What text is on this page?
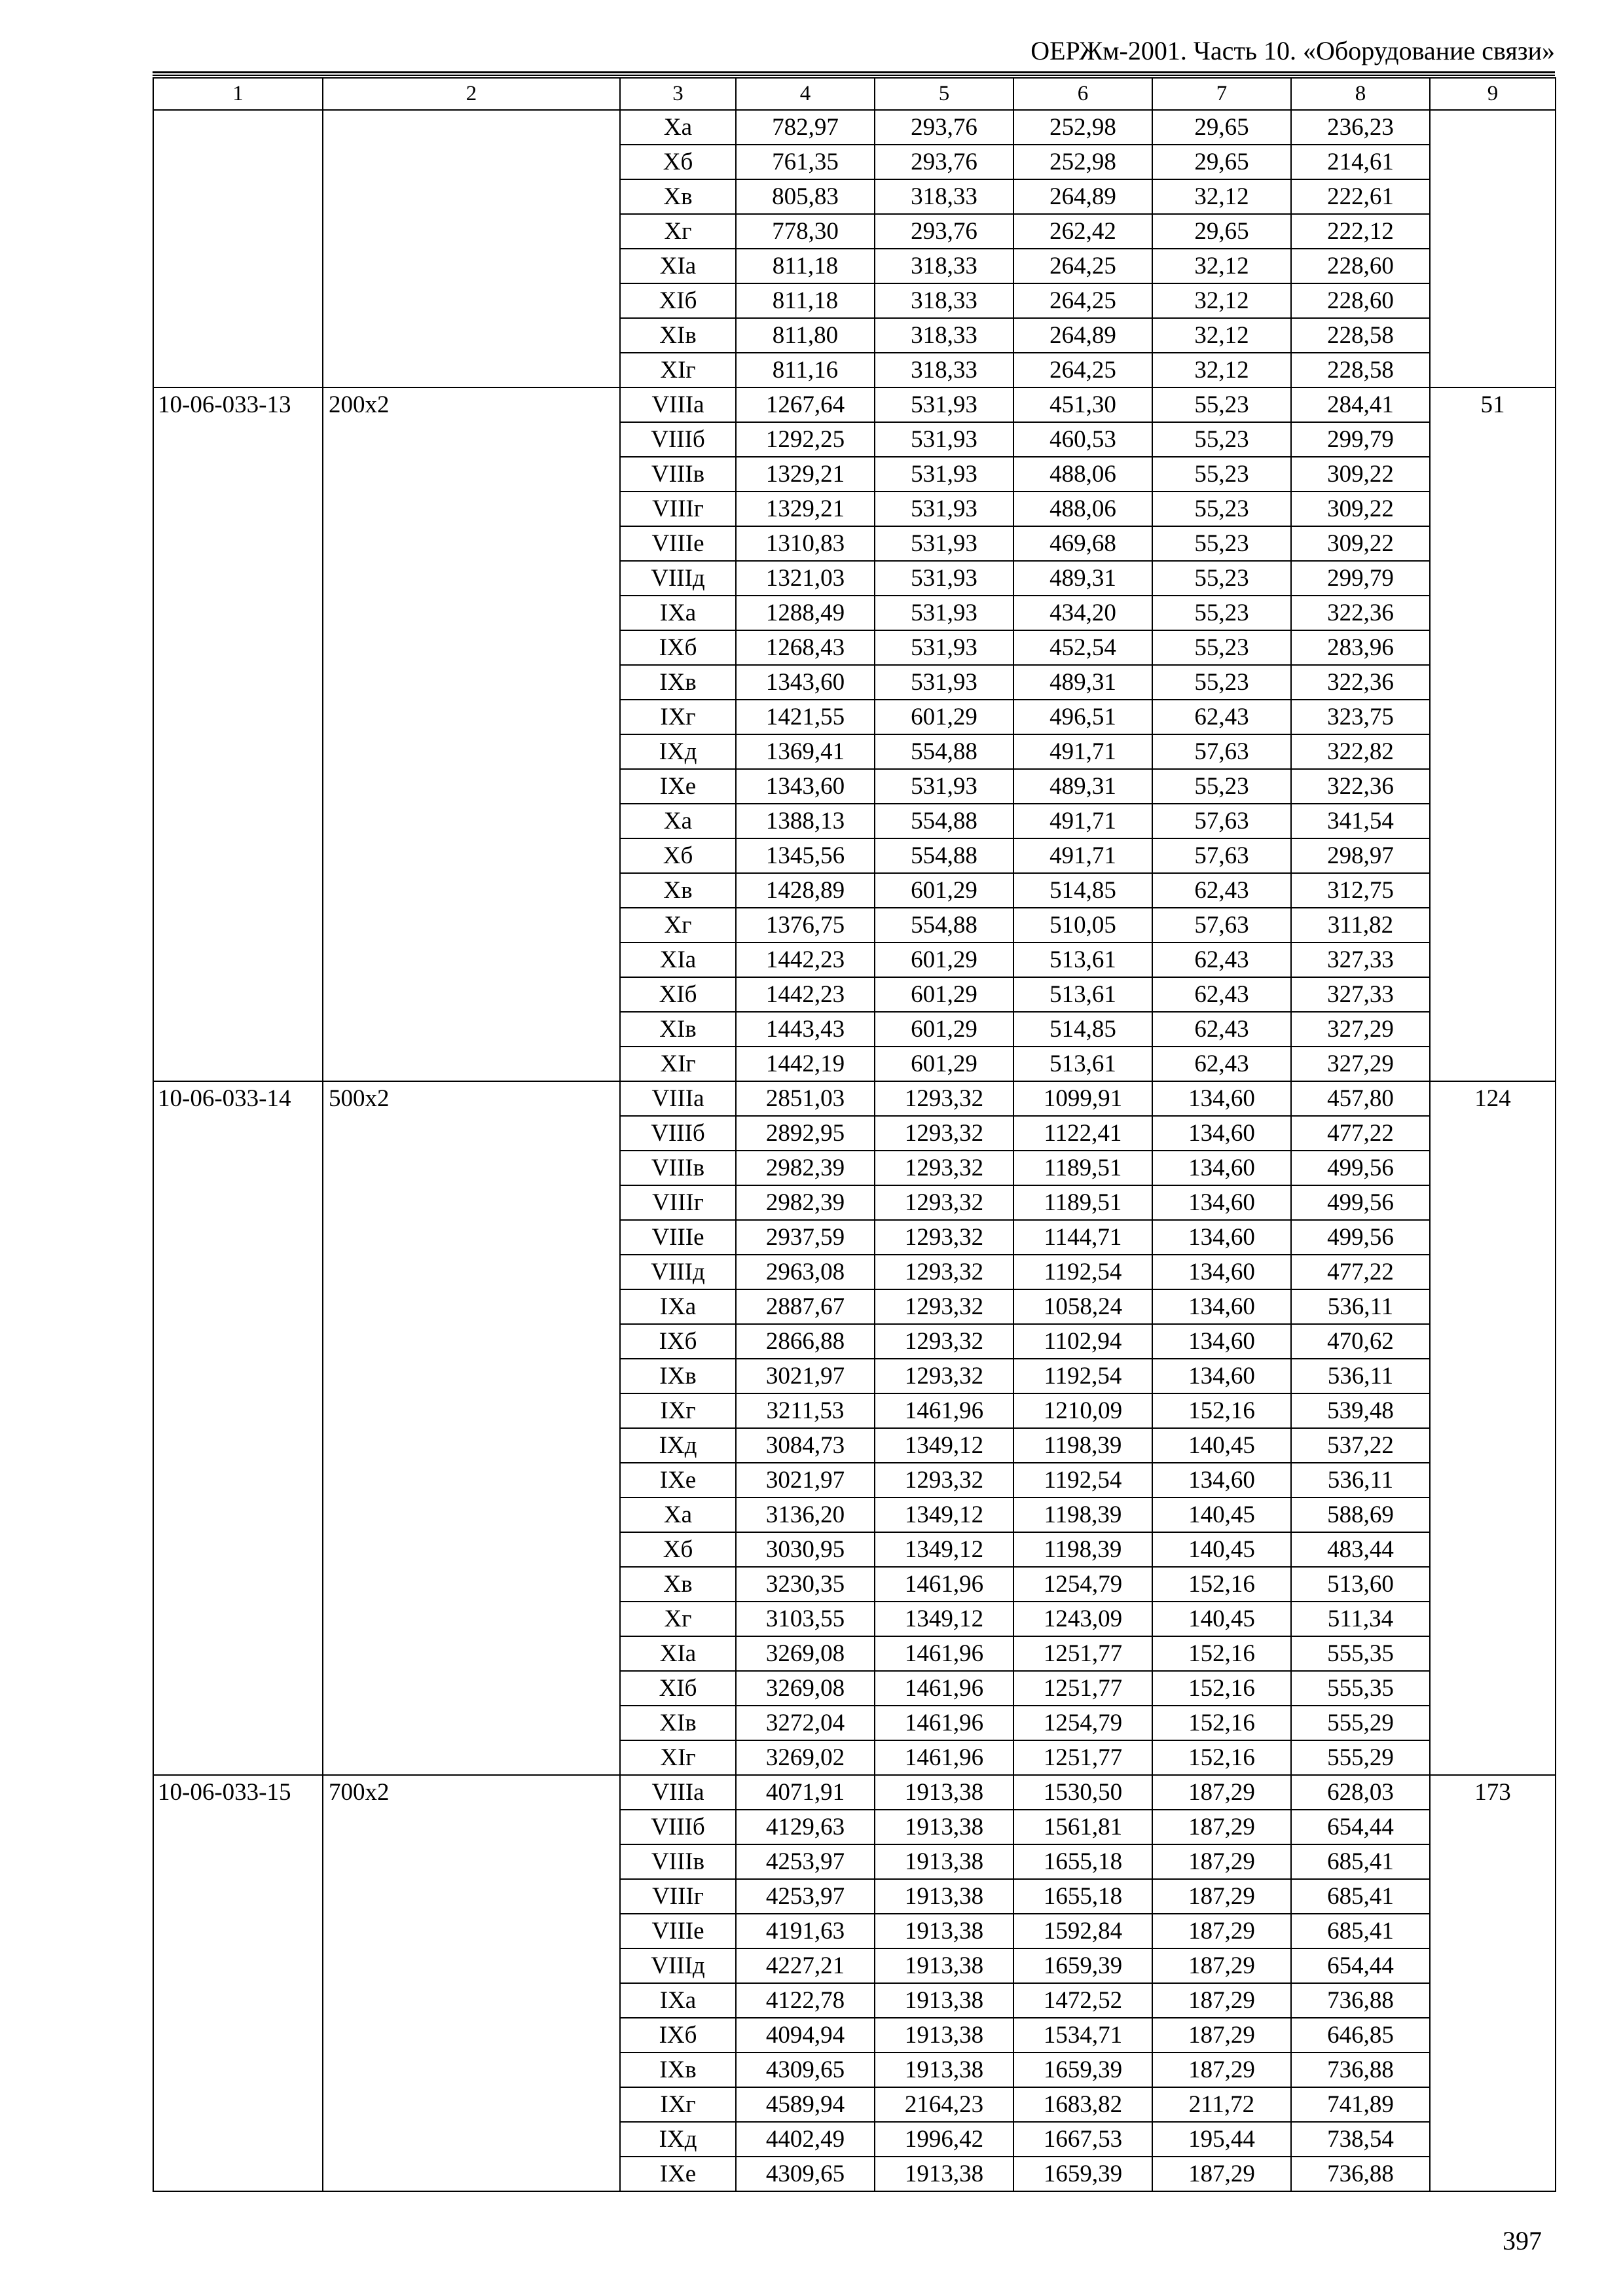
ОЕРЖм-2001. Часть 10. «Оборудование связи»
1	2	3	4	5	6	7	8	9
		Xa	782,97	293,76	252,98	29,65	236,23	
		Xб	761,35	293,76	252,98	29,65	214,61	
		Xв	805,83	318,33	264,89	32,12	222,61	
		Xг	778,30	293,76	262,42	29,65	222,12	
		XIa	811,18	318,33	264,25	32,12	228,60	
		XIб	811,18	318,33	264,25	32,12	228,60	
		XIв	811,80	318,33	264,89	32,12	228,58	
		XIг	811,16	318,33	264,25	32,12	228,58	
10-06-033-13	200x2	VIIIa	1267,64	531,93	451,30	55,23	284,41	51
		VIIIб	1292,25	531,93	460,53	55,23	299,79	
		VIIIв	1329,21	531,93	488,06	55,23	309,22	
		VIIIг	1329,21	531,93	488,06	55,23	309,22	
		VIIIe	1310,83	531,93	469,68	55,23	309,22	
		VIIIд	1321,03	531,93	489,31	55,23	299,79	
		IXa	1288,49	531,93	434,20	55,23	322,36	
		IXб	1268,43	531,93	452,54	55,23	283,96	
		IXв	1343,60	531,93	489,31	55,23	322,36	
		IXг	1421,55	601,29	496,51	62,43	323,75	
		IXд	1369,41	554,88	491,71	57,63	322,82	
		IXe	1343,60	531,93	489,31	55,23	322,36	
		Xa	1388,13	554,88	491,71	57,63	341,54	
		Xб	1345,56	554,88	491,71	57,63	298,97	
		Xв	1428,89	601,29	514,85	62,43	312,75	
		Xг	1376,75	554,88	510,05	57,63	311,82	
		XIa	1442,23	601,29	513,61	62,43	327,33	
		XIб	1442,23	601,29	513,61	62,43	327,33	
		XIв	1443,43	601,29	514,85	62,43	327,29	
		XIг	1442,19	601,29	513,61	62,43	327,29	
10-06-033-14	500x2	VIIIa	2851,03	1293,32	1099,91	134,60	457,80	124
		VIIIб	2892,95	1293,32	1122,41	134,60	477,22	
		VIIIв	2982,39	1293,32	1189,51	134,60	499,56	
		VIIIг	2982,39	1293,32	1189,51	134,60	499,56	
		VIIIe	2937,59	1293,32	1144,71	134,60	499,56	
		VIIIд	2963,08	1293,32	1192,54	134,60	477,22	
		IXa	2887,67	1293,32	1058,24	134,60	536,11	
		IXб	2866,88	1293,32	1102,94	134,60	470,62	
		IXв	3021,97	1293,32	1192,54	134,60	536,11	
		IXг	3211,53	1461,96	1210,09	152,16	539,48	
		IXд	3084,73	1349,12	1198,39	140,45	537,22	
		IXe	3021,97	1293,32	1192,54	134,60	536,11	
		Xa	3136,20	1349,12	1198,39	140,45	588,69	
		Xб	3030,95	1349,12	1198,39	140,45	483,44	
		Xв	3230,35	1461,96	1254,79	152,16	513,60	
		Xг	3103,55	1349,12	1243,09	140,45	511,34	
		XIa	3269,08	1461,96	1251,77	152,16	555,35	
		XIб	3269,08	1461,96	1251,77	152,16	555,35	
		XIв	3272,04	1461,96	1254,79	152,16	555,29	
		XIг	3269,02	1461,96	1251,77	152,16	555,29	
10-06-033-15	700x2	VIIIa	4071,91	1913,38	1530,50	187,29	628,03	173
		VIIIб	4129,63	1913,38	1561,81	187,29	654,44	
		VIIIв	4253,97	1913,38	1655,18	187,29	685,41	
		VIIIг	4253,97	1913,38	1655,18	187,29	685,41	
		VIIIe	4191,63	1913,38	1592,84	187,29	685,41	
		VIIIд	4227,21	1913,38	1659,39	187,29	654,44	
		IXa	4122,78	1913,38	1472,52	187,29	736,88	
		IXб	4094,94	1913,38	1534,71	187,29	646,85	
		IXв	4309,65	1913,38	1659,39	187,29	736,88	
		IXг	4589,94	2164,23	1683,82	211,72	741,89	
		IXд	4402,49	1996,42	1667,53	195,44	738,54	
		IXe	4309,65	1913,38	1659,39	187,29	736,88	
397
